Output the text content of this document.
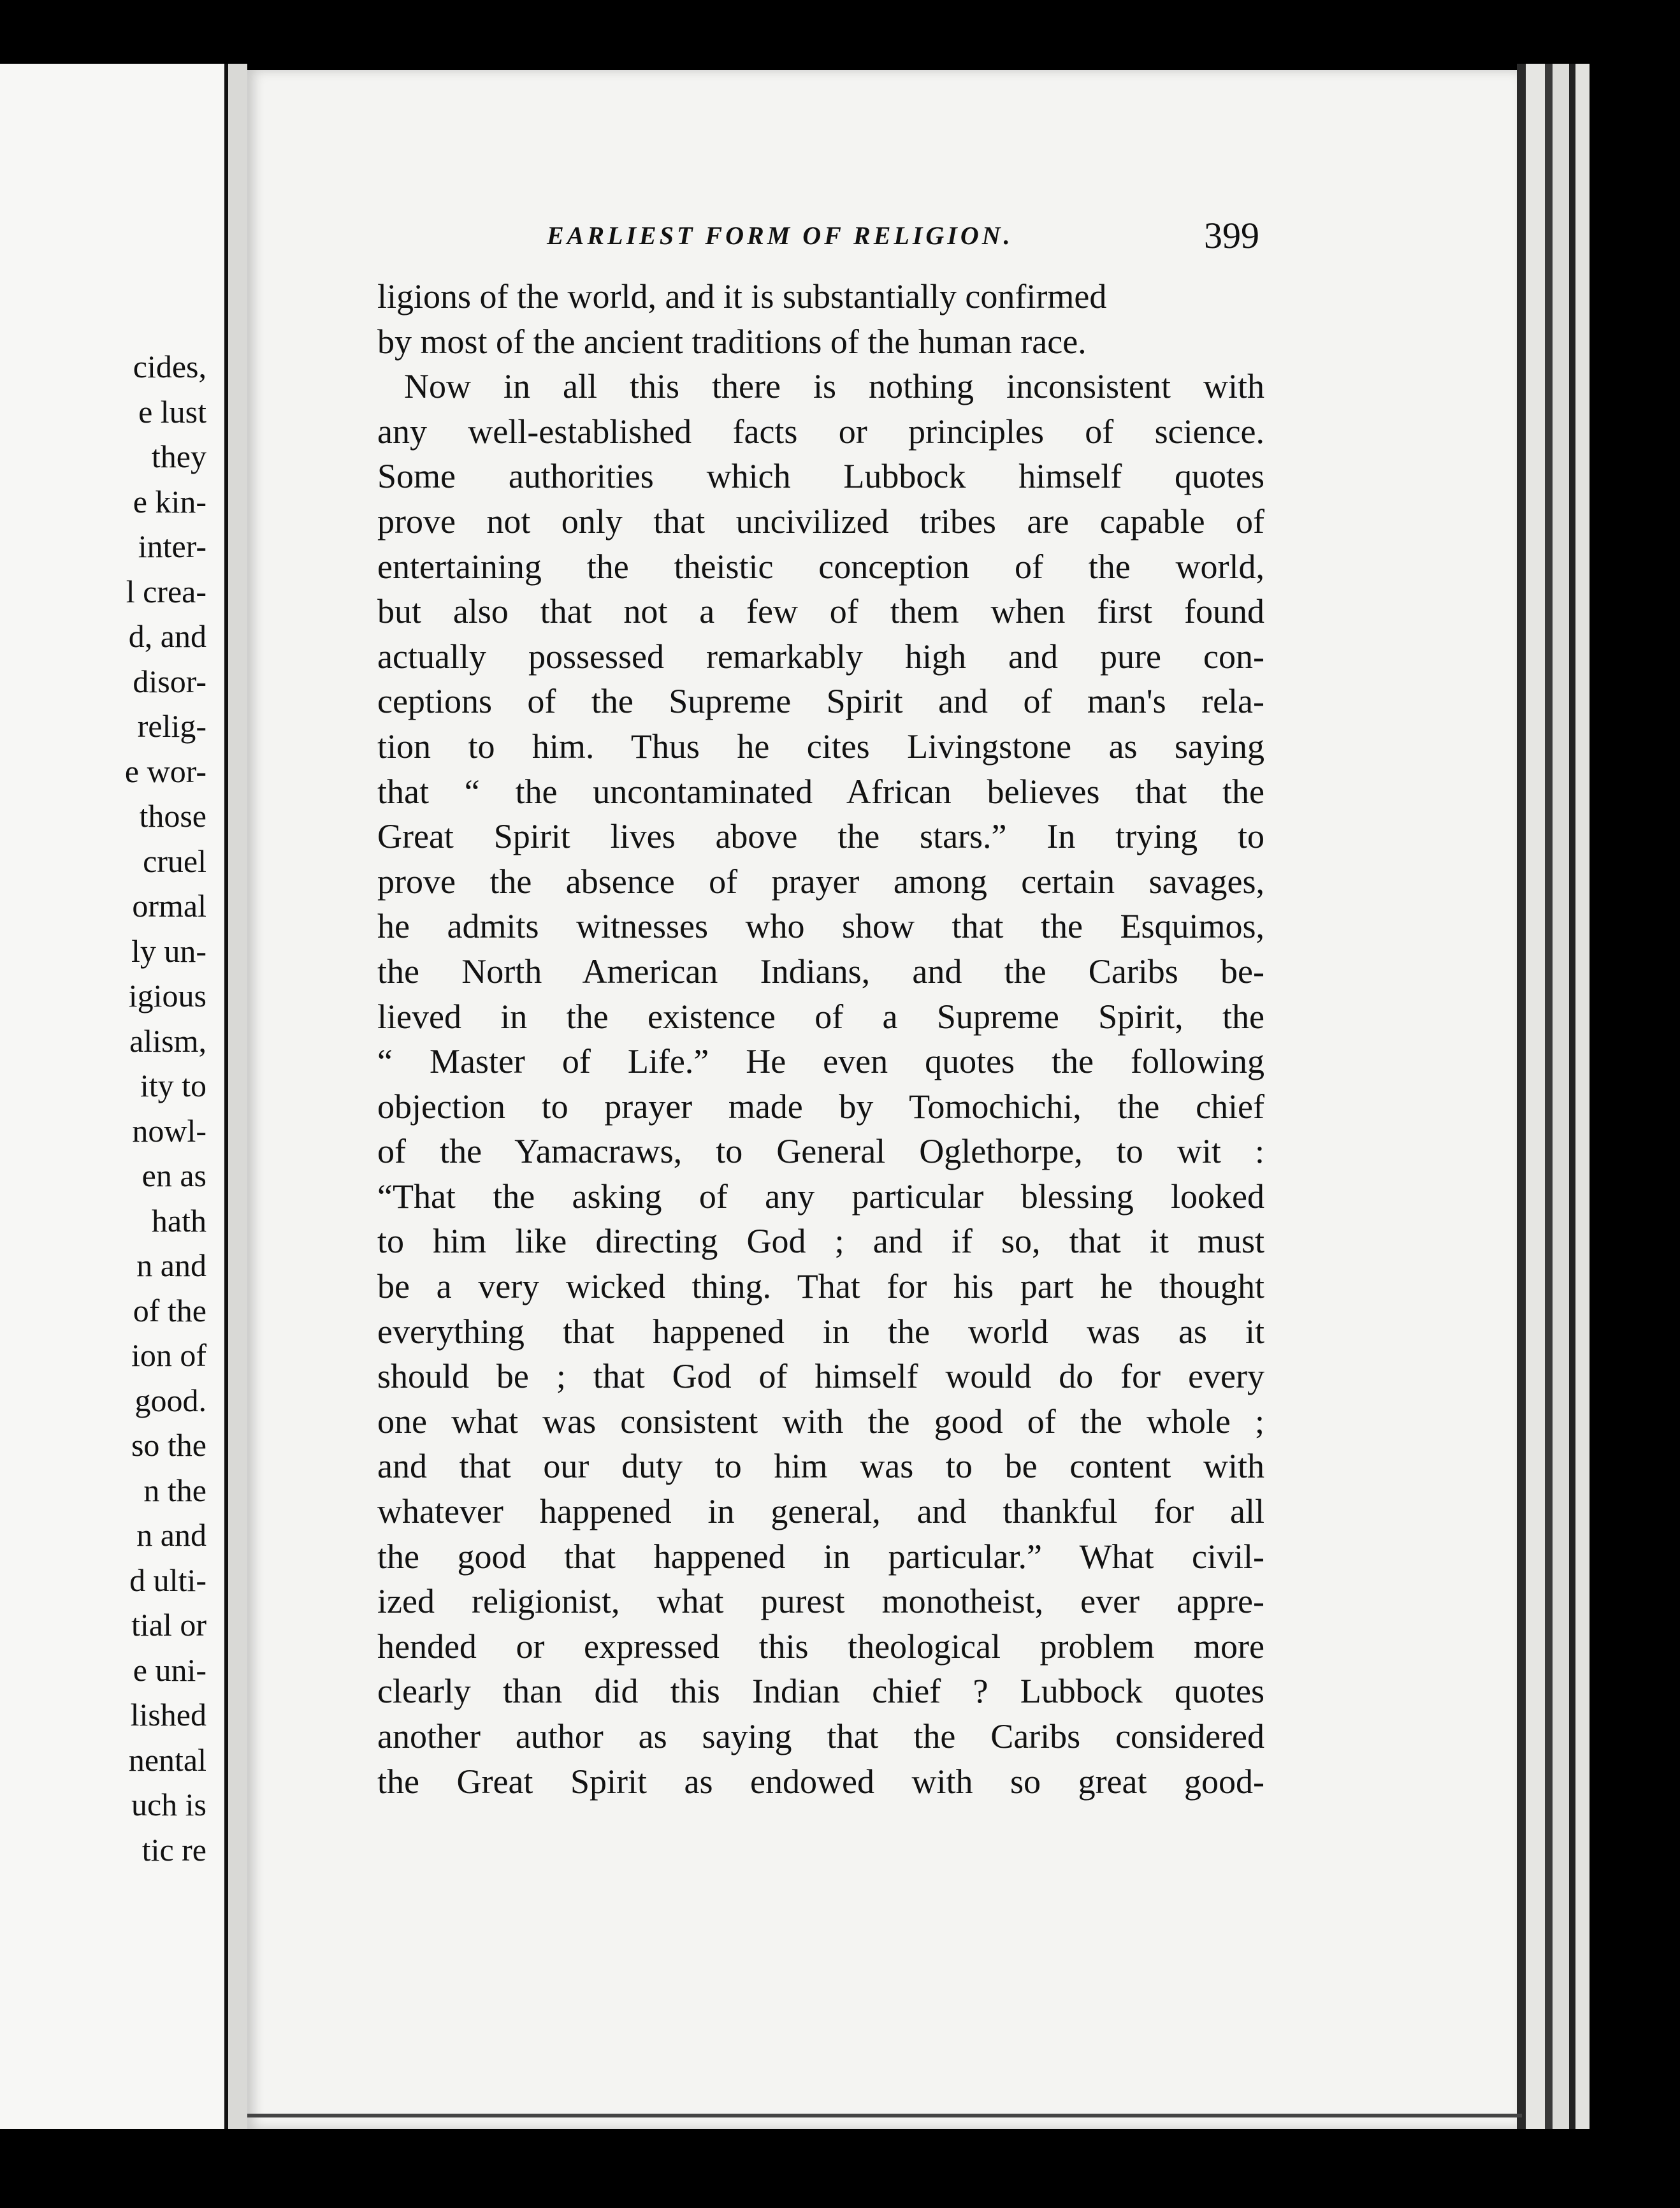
cides,
e lust
they
e kin-
inter-
l crea-
d, and
disor-
relig-
e wor-
those
cruel
ormal
ly un-
igious
alism,
ity to
nowl-
en as
hath
n and
of the
ion of
good.
so the
n the
n and
d ulti-
tial or
e uni-
lished
nental
uch is
tic re
EARLIEST FORM OF RELIGION.	399
ligions of the world, and it is substantially confirmed
by most of the ancient traditions of the human race.
Now in all this there is nothing inconsistent with
any well-established facts or principles of science.
Some authorities which Lubbock himself quotes
prove not only that uncivilized tribes are capable of
entertaining the theistic conception of the world,
but also that not a few of them when first found
actually possessed remarkably high and pure con-
ceptions of the Supreme Spirit and of man's rela-
tion to him. Thus he cites Livingstone as saying
that “ the uncontaminated African believes that the
Great Spirit lives above the stars.” In trying to
prove the absence of prayer among certain savages,
he admits witnesses who show that the Esquimos,
the North American Indians, and the Caribs be-
lieved in the existence of a Supreme Spirit, the
“ Master of Life.” He even quotes the following
objection to prayer made by Tomochichi, the chief
of the Yamacraws, to General Oglethorpe, to wit :
“That the asking of any particular blessing looked
to him like directing God ; and if so, that it must
be a very wicked thing. That for his part he thought
everything that happened in the world was as it
should be ; that God of himself would do for every
one what was consistent with the good of the whole ;
and that our duty to him was to be content with
whatever happened in general, and thankful for all
the good that happened in particular.” What civil-
ized religionist, what purest monotheist, ever appre-
hended or expressed this theological problem more
clearly than did this Indian chief ? Lubbock quotes
another author as saying that the Caribs considered
the Great Spirit as endowed with so great good-
